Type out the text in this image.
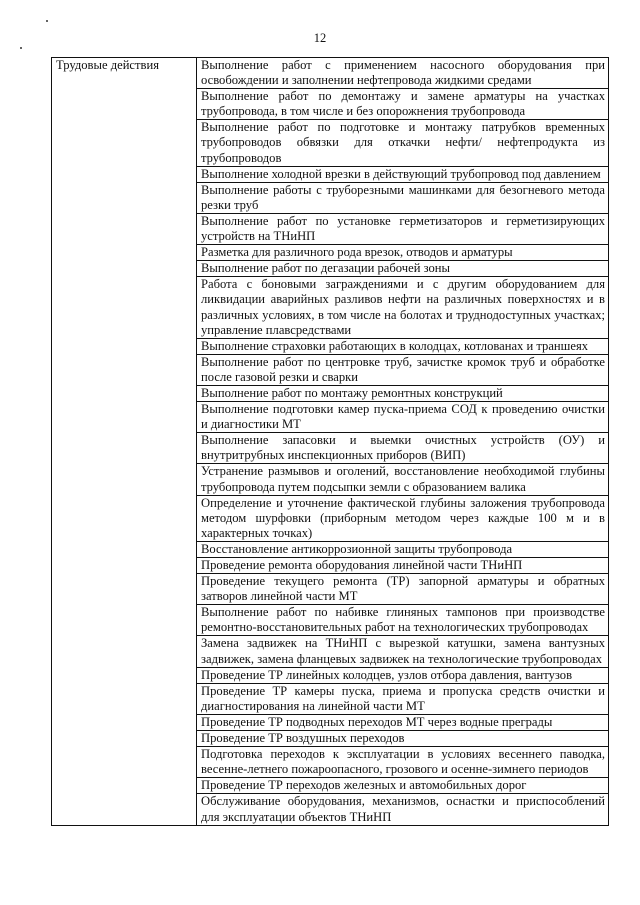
12
Трудовые действия	Выполнение работ с применением насосного оборудования при освобождении и заполнении нефтепровода жидкими средами

Выполнение работ по демонтажу и замене арматуры на участках трубопровода, в том числе и без опорожнения трубопровода

Выполнение работ по подготовке и монтажу патрубков временных трубопроводов обвязки для откачки нефти/ нефтепродукта из трубопроводов

Выполнение холодной врезки в действующий трубопровод под давлением

Выполнение работы с труборезными машинками для безогневого метода резки труб

Выполнение работ по установке герметизаторов и герметизирующих устройств на ТНиНП

Разметка для различного рода врезок, отводов и арматуры

Выполнение работ по дегазации рабочей зоны

Работа с боновыми заграждениями и с другим оборудованием для ликвидации аварийных разливов нефти на различных поверхностях и в различных условиях, в том числе на болотах и труднодоступных участках; управление плавсредствами

Выполнение страховки работающих в колодцах, котлованах и траншеях

Выполнение работ по центровке труб, зачистке кромок труб и обработке после газовой резки и сварки

Выполнение работ по монтажу ремонтных конструкций

Выполнение подготовки камер пуска-приема СОД к проведению очистки и диагностики МТ

Выполнение запасовки и выемки очистных устройств (ОУ) и внутритрубных инспекционных приборов (ВИП)

Устранение размывов и оголений, восстановление необходимой глубины трубопровода путем подсыпки земли с образованием валика

Определение и уточнение фактической глубины заложения трубопровода методом шурфовки (приборным методом через каждые 100 м и в характерных точках)

Восстановление антикоррозионной защиты трубопровода

Проведение ремонта оборудования линейной части ТНиНП

Проведение текущего ремонта (ТР) запорной арматуры и обратных затворов линейной части МТ

Выполнение работ по набивке глиняных тампонов при производстве ремонтно-восстановительных работ на технологических трубопроводах

Замена задвижек на ТНиНП с вырезкой катушки, замена вантузных задвижек, замена фланцевых задвижек на технологические трубопроводах

Проведение ТР линейных колодцев, узлов отбора давления, вантузов

Проведение ТР камеры пуска, приема и пропуска средств очистки и диагностирования на линейной части МТ

Проведение ТР подводных переходов МТ через водные преграды

Проведение ТР воздушных переходов

Подготовка переходов к эксплуатации в условиях весеннего паводка, весенне-летнего пожароопасного, грозового и осенне-зимнего периодов

Проведение ТР переходов железных и автомобильных дорог

Обслуживание оборудования, механизмов, оснастки и приспособлений для эксплуатации объектов ТНиНП
